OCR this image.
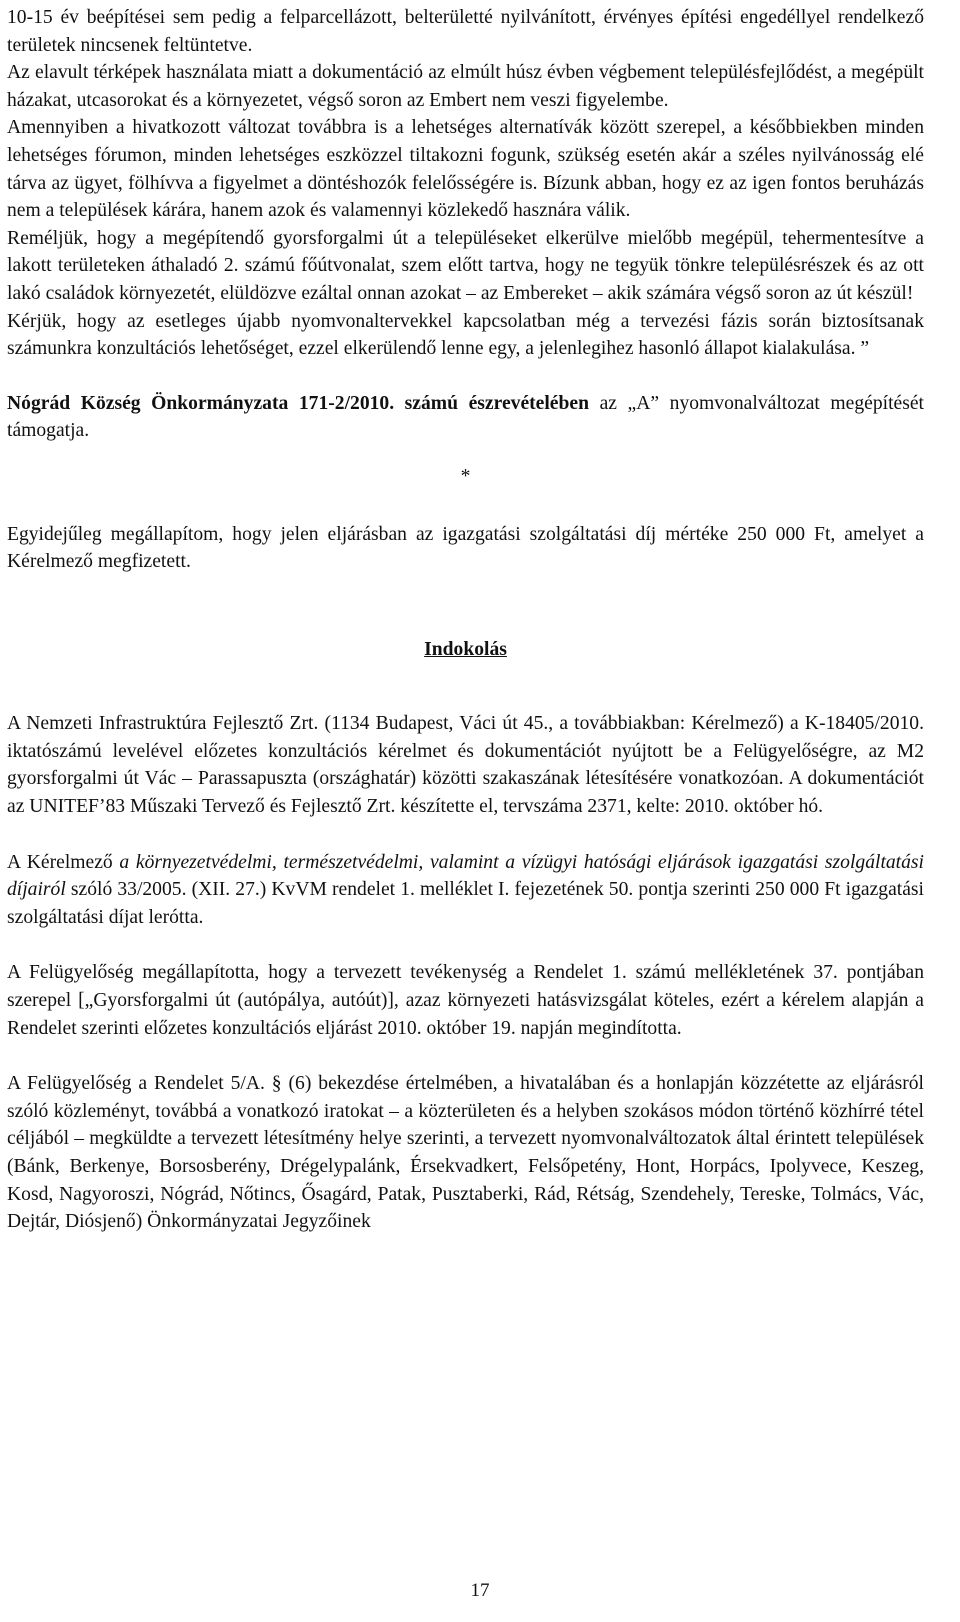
10-15 év beépítései sem pedig a felparcellázott, belterületté nyilvánított, érvényes építési engedéllyel rendelkező területek nincsenek feltüntetve.

Az elavult térképek használata miatt a dokumentáció az elmúlt húsz évben végbement településfejlődést, a megépült házakat, utcasorokat és a környezetet, végső soron az Embert nem veszi figyelembe.

Amennyiben a hivatkozott változat továbbra is a lehetséges alternatívák között szerepel, a későbbiekben minden lehetséges fórumon, minden lehetséges eszközzel tiltakozni fogunk, szükség esetén akár a széles nyilvánosság elé tárva az ügyet, fölhívva a figyelmet a döntéshozók felelősségére is. Bízunk abban, hogy ez az igen fontos beruházás nem a települések kárára, hanem azok és valamennyi közlekedő hasznára válik.

Reméljük, hogy a megépítendő gyorsforgalmi út a településeket elkerülve mielőbb megépül, tehermentesítve a lakott területeken áthaladó 2. számú főútvonalat, szem előtt tartva, hogy ne tegyük tönkre településrészek és az ott lakó családok környezetét, elüldözve ezáltal onnan azokat – az Embereket – akik számára végső soron az út készül!

Kérjük, hogy az esetleges újabb nyomvonaltervekkel kapcsolatban még a tervezési fázis során biztosítsanak számunkra konzultációs lehetőséget, ezzel elkerülendő lenne egy, a jelenlegihez hasonló állapot kialakulása. ”

Nógrád Község Önkormányzata 171-2/2010. számú észrevételében az „A” nyomvonalváltozat megépítését támogatja.

*

Egyidejűleg megállapítom, hogy jelen eljárásban az igazgatási szolgáltatási díj mértéke 250 000 Ft, amelyet a Kérelmező megfizetett.

Indokolás

A Nemzeti Infrastruktúra Fejlesztő Zrt. (1134 Budapest, Váci út 45., a továbbiakban: Kérelmező) a K-18405/2010. iktatószámú levelével előzetes konzultációs kérelmet és dokumentációt nyújtott be a Felügyelőségre, az M2 gyorsforgalmi út Vác – Parassapuszta (országhatár) közötti szakaszának létesítésére vonatkozóan. A dokumentációt az UNITEF’83 Műszaki Tervező és Fejlesztő Zrt. készítette el, tervszáma 2371, kelte: 2010. október hó.

A Kérelmező a környezetvédelmi, természetvédelmi, valamint a vízügyi hatósági eljárások igazgatási szolgáltatási díjairól szóló 33/2005. (XII. 27.) KvVM rendelet 1. melléklet I. fejezetének 50. pontja szerinti 250 000 Ft igazgatási szolgáltatási díjat lerótta.

A Felügyelőség megállapította, hogy a tervezett tevékenység a Rendelet 1. számú mellékletének 37. pontjában szerepel [„Gyorsforgalmi út (autópálya, autóút)], azaz környezeti hatásvizsgálat köteles, ezért a kérelem alapján a Rendelet szerinti előzetes konzultációs eljárást 2010. október 19. napján megindította.

A Felügyelőség a Rendelet 5/A. § (6) bekezdése értelmében, a hivatalában és a honlapján közzétette az eljárásról szóló közleményt, továbbá a vonatkozó iratokat – a közterületen és a helyben szokásos módon történő közhírré tétel céljából – megküldte a tervezett létesítmény helye szerinti, a tervezett nyomvonalváltozatok által érintett települések (Bánk, Berkenye, Borsosberény, Drégelypalánk, Érsekvadkert, Felsőpetény, Hont, Horpács, Ipolyvece, Keszeg, Kosd, Nagyoroszi, Nógrád, Nőtincs, Ősagárd, Patak, Pusztaberki, Rád, Rétság, Szendehely, Tereske, Tolmács, Vác, Dejtár, Diósjenő) Önkormányzatai Jegyzőinek

17
